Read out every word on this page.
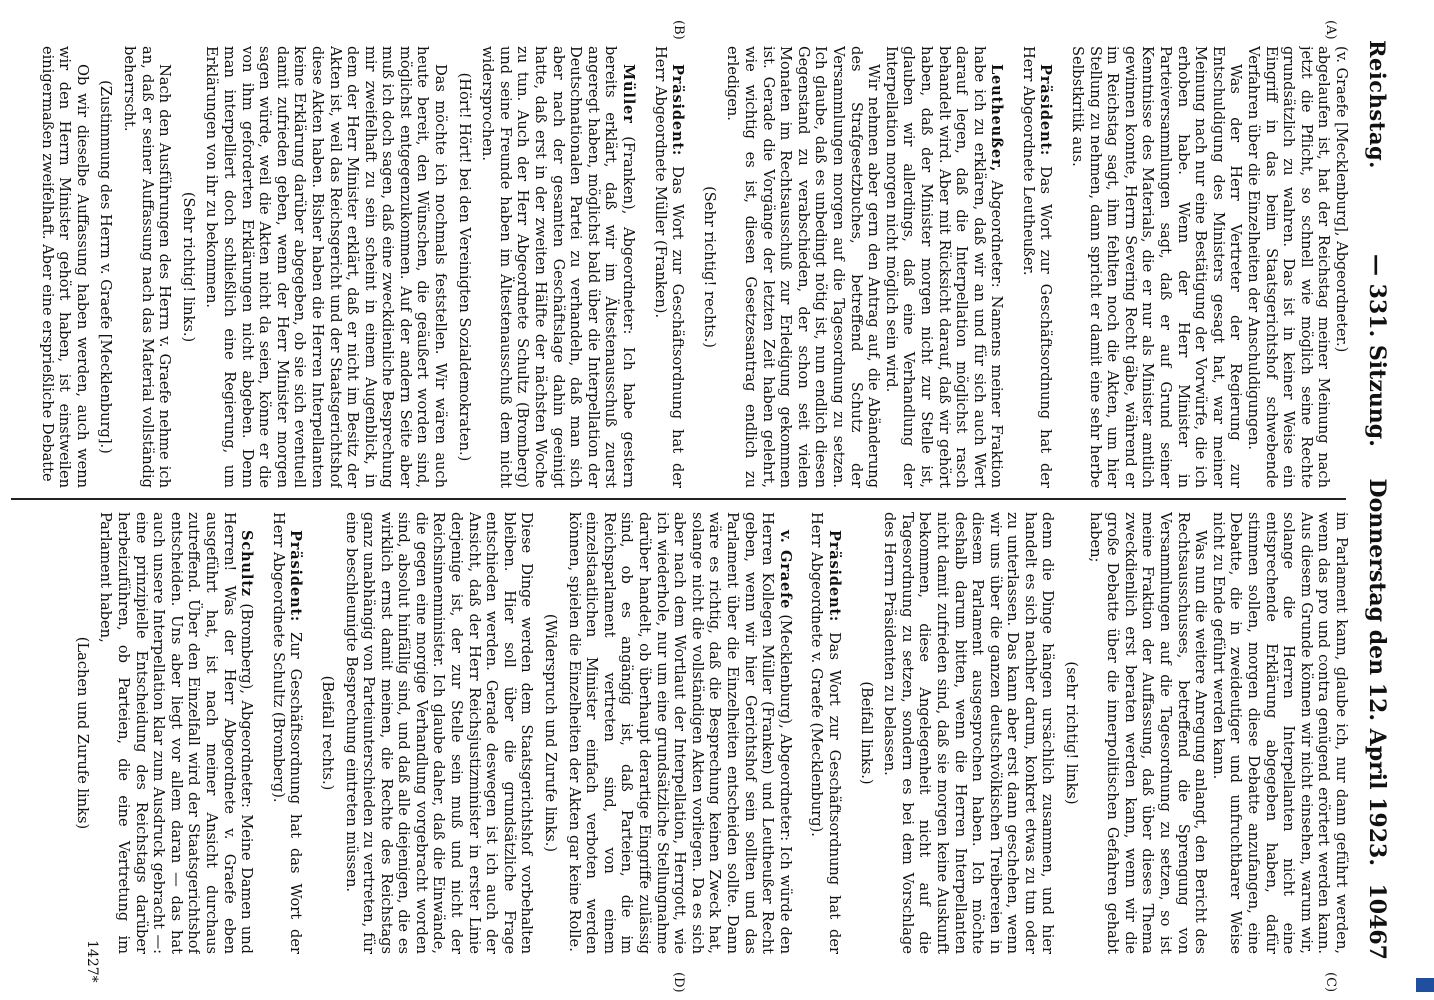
Reichstag.
— 331. Sitzung. Donnerstag den 12. April 1923.
10467
(A)
(B)
(C)
(D)

(v. Graefe [Mecklenburg], Abgeordneter.)

abgelaufen ist, hat der Reichstag meiner Meinung nach jetzt die Pflicht, so schnell wie möglich seine Rechte grundsätzlich zu wahren. Das ist in keiner Weise ein Eingriff in das beim Staatsgerichtshof schwebende Verfahren über die Einzelheiten der Anschuldigungen.

Was der Herr Vertreter der Regierung zur Entschuldigung des Ministers gesagt hat, war meiner Meinung nach nur eine Bestätigung der Vorwürfe, die ich erhoben habe. Wenn der Herr Minister in Parteiversammlungen sagt, daß er auf Grund seiner Kenntnisse des Materials, die er nur als Minister amtlich gewinnen konnte, Herrn Severing Recht gäbe, während er im Reichstag sagt, ihm fehlten noch die Akten, um hier Stellung zu nehmen, dann spricht er damit eine sehr herbe Selbstkritik aus.

Präsident: Das Wort zur Geschäftsordnung hat der Herr Abgeordnete Leutheußer.

Leutheußer, Abgeordneter: Namens meiner Fraktion habe ich zu erklären, daß wir an und für sich auch Wert darauf legen, daß die Interpellation möglichst rasch behandelt wird. Aber mit Rücksicht darauf, daß wir gehört haben, daß der Minister morgen nicht zur Stelle ist, glauben wir allerdings, daß eine Verhandlung der Interpellation morgen nicht möglich sein wird.

Wir nehmen aber gern den Antrag auf, die Abänderung des Strafgesetzbuches, betreffend Schutz der Versammlungen morgen auf die Tagesordnung zu setzen. Ich glaube, daß es unbedingt nötig ist, nun endlich diesen Gegenstand zu verabschieden, der schon seit vielen Monaten im Rechtsausschuß zur Erledigung gekommen ist. Gerade die Vorgänge der letzten Zeit haben gelehrt, wie wichtig es ist, diesen Gesetzesantrag endlich zu erledigen.

(Sehr richtig! rechts.)

Präsident: Das Wort zur Geschäftsordnung hat der Herr Abgeordnete Müller (Franken).

Müller (Franken), Abgeordneter: Ich habe gestern bereits erklärt, daß wir im Ältestenausschuß zuerst angeregt haben, möglichst bald über die Interpellation der Deutschnationalen Partei zu verhandeln, daß man sich aber nach der gesamten Geschäftslage dahin geeinigt hatte, daß erst in der zweiten Hälfte der nächsten Woche zu tun. Auch der Herr Abgeordnete Schultz (Bromberg) und seine Freunde haben im Ältestenausschuß dem nicht widersprochen.

(Hört! Hört! bei den Vereinigten Sozialdemokraten.)

Das möchte ich nochmals feststellen. Wir wären auch heute bereit, den Wünschen, die geäußert worden sind, möglichst entgegenzukommen. Auf der andern Seite aber muß ich doch sagen, daß eine zweckdienliche Besprechung mir zweifelhaft zu sein scheint in einem Augenblick, in dem der Herr Minister erklärt, daß er nicht im Besitz der Akten ist, weil das Reichsgericht und der Staatsgerichtshof diese Akten haben. Bisher haben die Herren Interpellanten keine Erklärung darüber abgegeben, ob sie sich eventuell damit zufrieden geben, wenn der Herr Minister morgen sagen würde, weil die Akten nicht da seien, könne er die von ihm geforderten Erklärungen nicht abgeben. Denn man interpelliert doch schließlich eine Regierung, um Erklärungen von ihr zu bekommen.

(Sehr richtig! links.)

Nach den Ausführungen des Herrn v. Graefe nehme ich an, daß er seiner Auffassung nach das Material vollständig beherrscht.

(Zustimmung des Herrn v. Graefe [Mecklenburg].)

Ob wir dieselbe Auffassung haben werden, auch wenn wir den Herrn Minister gehört haben, ist einstweilen einigermaßen zweifelhaft. Aber eine ersprießliche Debatte

im Parlament kann, glaube ich, nur dann geführt werden, wenn das pro und contra genügend erörtert werden kann. Aus diesem Grunde können wir nicht einsehen, warum wir, solange die Herren Interpellanten nicht eine entsprechende Erklärung abgegeben haben, dafür stimmen sollen, morgen diese Debatte anzufangen, eine Debatte, die in zweideutiger und unfruchtbarer Weise nicht zu Ende geführt werden kann.

Was nun die weitere Anregung anlangt, den Bericht des Rechtsausschusses, betreffend die Sprengung von Versammlungen auf die Tagesordnung zu setzen, so ist meine Fraktion der Auffassung, daß über dieses Thema zweckdienlich erst beraten werden kann, wenn wir die große Debatte über die innerpolitischen Gefahren gehabt haben;

(sehr richtig! links)

denn die Dinge hängen ursächlich zusammen, und hier handelt es sich nachher darum, konkret etwas zu tun oder zu unterlassen. Das kann aber erst dann geschehen, wenn wir uns über die ganzen deutschvölkischen Treibereien in diesem Parlament ausgesprochen haben. Ich möchte deshalb darum bitten, wenn die Herren Interpellanten nicht damit zufrieden sind, daß sie morgen keine Auskunft bekommen, diese Angelegenheit nicht auf die Tagesordnung zu setzen, sondern es bei dem Vorschlage des Herrn Präsidenten zu belassen.

(Beifall links.)

Präsident: Das Wort zur Geschäftsordnung hat der Herr Abgeordnete v. Graefe (Mecklenburg).

v. Graefe (Mecklenburg), Abgeordneter: Ich würde den Herren Kollegen Müller (Franken) und Leutheußer Recht geben, wenn wir hier Gerichtshof sein sollten und das Parlament über die Einzelheiten entscheiden sollte. Dann wäre es richtig, daß die Besprechung keinen Zweck hat, solange nicht die vollständigen Akten vorliegen. Da es sich aber nach dem Wortlaut der Interpellation, Herrgott, wie ich wiederhole, nur um eine grundsätzliche Stellungnahme darüber handelt, ob überhaupt derartige Eingriffe zulässig sind, ob es angängig ist, daß Parteien, die im Reichsparlament vertreten sind, von einem einzelstaatlichen Minister einfach verboten werden können, spielen die Einzelheiten der Akten gar keine Rolle.

(Widerspruch und Zurufe links.)

Diese Dinge werden dem Staatsgerichtshof vorbehalten bleiben. Hier soll über die grundsätzliche Frage entschieden werden. Gerade deswegen ist ich auch der Ansicht, daß der Herr Reichsjustizminister in erster Linie derjenige ist, der zur Stelle sein muß und nicht der Reichsinnenminister. Ich glaube daher, daß die Einwände, die gegen eine morgige Verhandlung vorgebracht worden sind, absolut hinfällig sind, und daß alle diejenigen, die es wirklich ernst damit meinen, die Rechte des Reichstags ganz unabhängig von Parteiunterschieden zu vertreten, für eine beschleunigte Besprechung eintreten müssen.

(Beifall rechts.)

Präsident: Zur Geschäftsordnung hat das Wort der Herr Abgeordnete Schultz (Bromberg).

Schultz (Bromberg), Abgeordneter: Meine Damen und Herren! Was der Herr Abgeordnete v. Graefe eben ausgeführt hat, ist nach meiner Ansicht durchaus zutreffend. Über den Einzelfall wird der Staatsgerichtshof entscheiden. Uns aber liegt vor allem daran — das hat auch unsere Interpellation klar zum Ausdruck gebracht —: eine prinzipielle Entscheidung des Reichstags darüber herbeizuführen, ob Parteien, die eine Vertretung im Parlament haben,

(Lachen und Zurufe links)

1427*
